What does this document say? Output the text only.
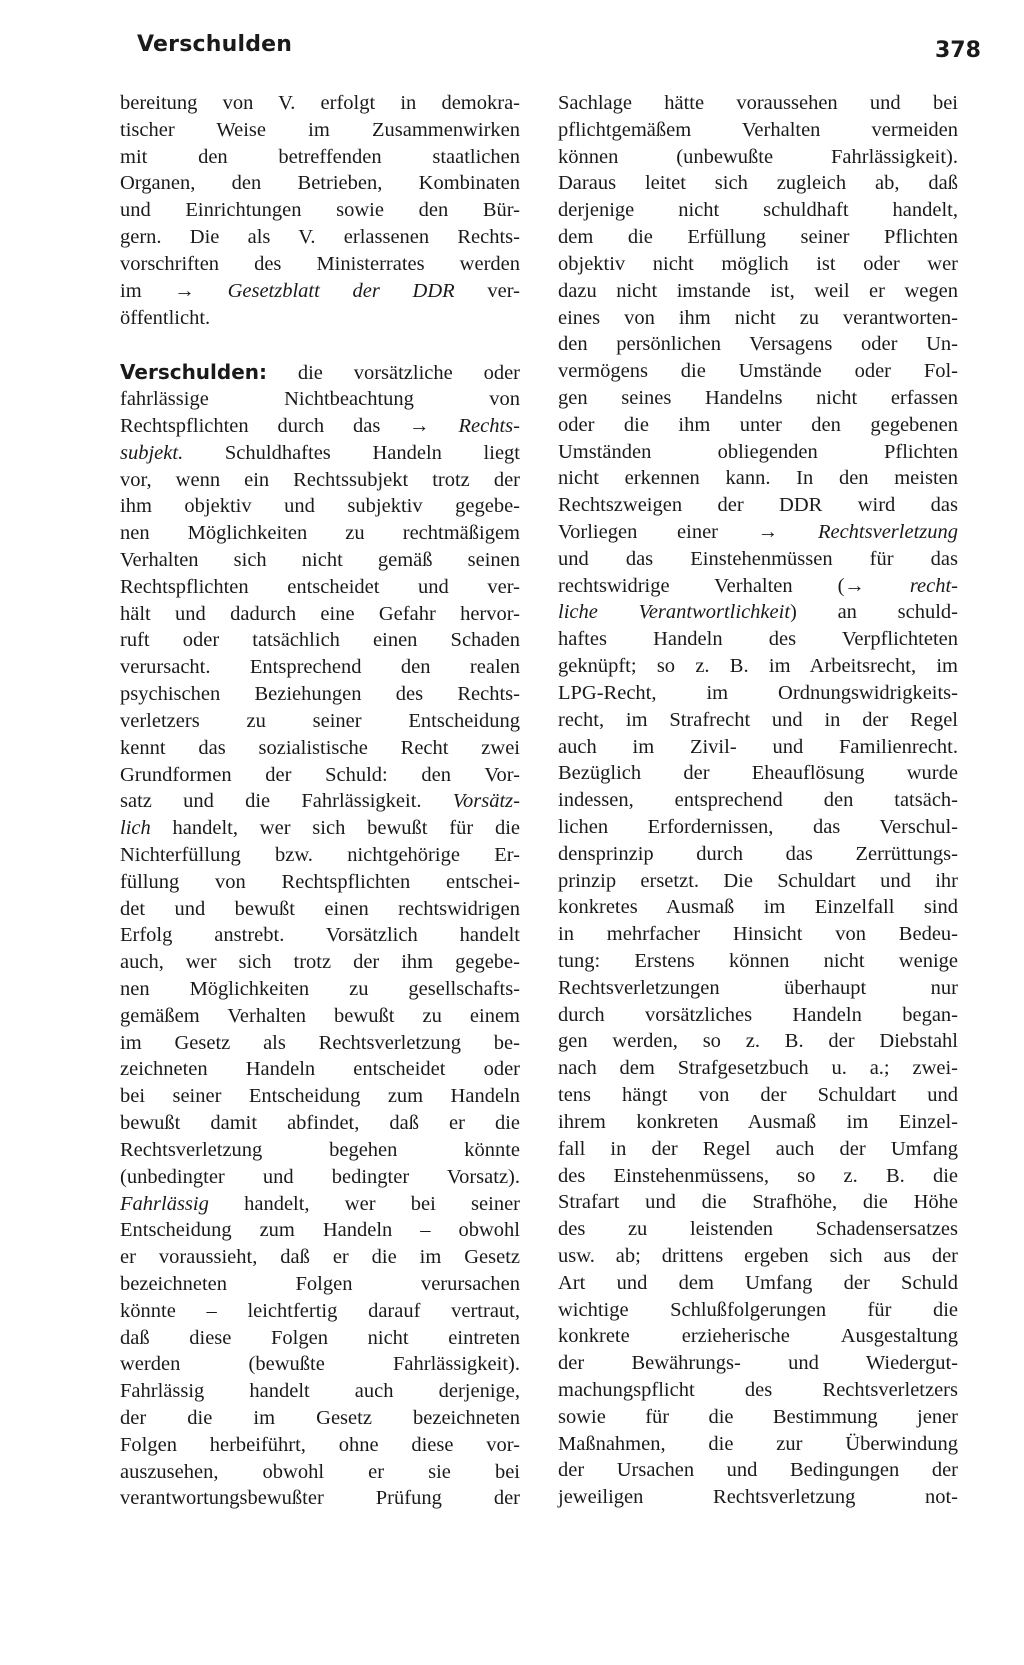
Verschulden	378
bereitung von V. erfolgt in demokra-
tischer Weise im Zusammenwirken
mit den betreffenden staatlichen
Organen, den Betrieben, Kombinaten
und Einrichtungen sowie den Bür-
gern. Die als V. erlassenen Rechts-
vorschriften des Ministerrates werden
im → Gesetzblatt der DDR ver-
öffentlicht.
Verschulden: die vorsätzliche oder
fahrlässige Nichtbeachtung von
Rechtspflichten durch das → Rechts-
subjekt. Schuldhaftes Handeln liegt
vor, wenn ein Rechtssubjekt trotz der
ihm objektiv und subjektiv gegebe-
nen Möglichkeiten zu rechtmäßigem
Verhalten sich nicht gemäß seinen
Rechtspflichten entscheidet und ver-
hält und dadurch eine Gefahr hervor-
ruft oder tatsächlich einen Schaden
verursacht. Entsprechend den realen
psychischen Beziehungen des Rechts-
verletzers zu seiner Entscheidung
kennt das sozialistische Recht zwei
Grundformen der Schuld: den Vor-
satz und die Fahrlässigkeit. Vorsätz-
lich handelt, wer sich bewußt für die
Nichterfüllung bzw. nichtgehörige Er-
füllung von Rechtspflichten entschei-
det und bewußt einen rechtswidrigen
Erfolg anstrebt. Vorsätzlich handelt
auch, wer sich trotz der ihm gegebe-
nen Möglichkeiten zu gesellschafts-
gemäßem Verhalten bewußt zu einem
im Gesetz als Rechtsverletzung be-
zeichneten Handeln entscheidet oder
bei seiner Entscheidung zum Handeln
bewußt damit abfindet, daß er die
Rechtsverletzung begehen könnte
(unbedingter und bedingter Vorsatz).
Fahrlässig handelt, wer bei seiner
Entscheidung zum Handeln – obwohl
er voraussieht, daß er die im Gesetz
bezeichneten Folgen verursachen
könnte – leichtfertig darauf vertraut,
daß diese Folgen nicht eintreten
werden (bewußte Fahrlässigkeit).
Fahrlässig handelt auch derjenige,
der die im Gesetz bezeichneten
Folgen herbeiführt, ohne diese vor-
auszusehen, obwohl er sie bei
verantwortungsbewußter Prüfung der
Sachlage hätte voraussehen und bei
pflichtgemäßem Verhalten vermeiden
können (unbewußte Fahrlässigkeit).
Daraus leitet sich zugleich ab, daß
derjenige nicht schuldhaft handelt,
dem die Erfüllung seiner Pflichten
objektiv nicht möglich ist oder wer
dazu nicht imstande ist, weil er wegen
eines von ihm nicht zu verantworten-
den persönlichen Versagens oder Un-
vermögens die Umstände oder Fol-
gen seines Handelns nicht erfassen
oder die ihm unter den gegebenen
Umständen obliegenden Pflichten
nicht erkennen kann. In den meisten
Rechtszweigen der DDR wird das
Vorliegen einer → Rechtsverletzung
und das Einstehenmüssen für das
rechtswidrige Verhalten (→ recht-
liche Verantwortlichkeit) an schuld-
haftes Handeln des Verpflichteten
geknüpft; so z. B. im Arbeitsrecht, im
LPG-Recht, im Ordnungswidrigkeits-
recht, im Strafrecht und in der Regel
auch im Zivil- und Familienrecht.
Bezüglich der Eheauflösung wurde
indessen, entsprechend den tatsäch-
lichen Erfordernissen, das Verschul-
densprinzip durch das Zerrüttungs-
prinzip ersetzt. Die Schuldart und ihr
konkretes Ausmaß im Einzelfall sind
in mehrfacher Hinsicht von Bedeu-
tung: Erstens können nicht wenige
Rechtsverletzungen überhaupt nur
durch vorsätzliches Handeln began-
gen werden, so z. B. der Diebstahl
nach dem Strafgesetzbuch u. a.; zwei-
tens hängt von der Schuldart und
ihrem konkreten Ausmaß im Einzel-
fall in der Regel auch der Umfang
des Einstehenmüssens, so z. B. die
Strafart und die Strafhöhe, die Höhe
des zu leistenden Schadensersatzes
usw. ab; drittens ergeben sich aus der
Art und dem Umfang der Schuld
wichtige Schlußfolgerungen für die
konkrete erzieherische Ausgestaltung
der Bewährungs- und Wiedergut-
machungspflicht des Rechtsverletzers
sowie für die Bestimmung jener
Maßnahmen, die zur Überwindung
der Ursachen und Bedingungen der
jeweiligen Rechtsverletzung not-
